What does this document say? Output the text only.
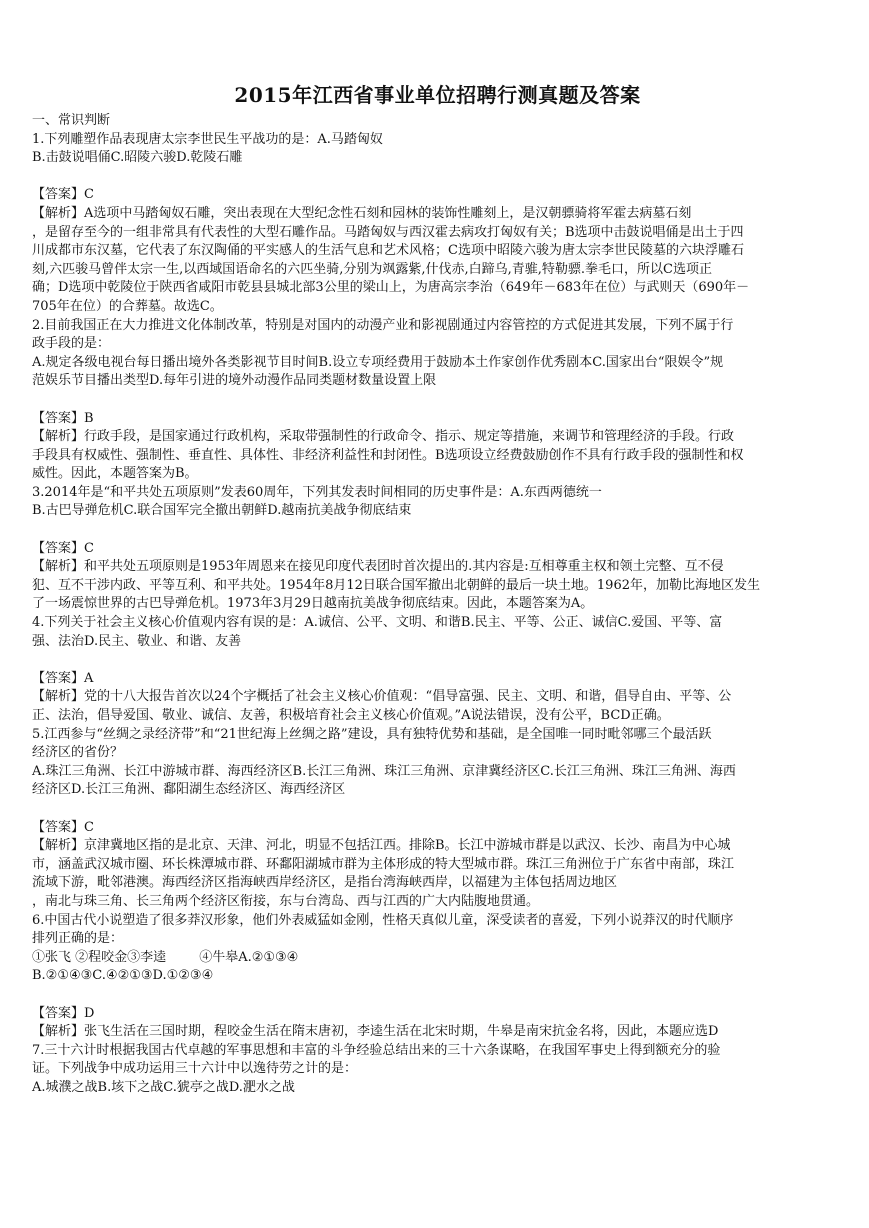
2015年江西省事业单位招聘行测真题及答案
一、常识判断
1.下列雕塑作品表现唐太宗李世民生平战功的是：A.马踏匈奴
B.击鼓说唱俑C.昭陵六骏D.乾陵石雕
【答案】C
【解析】A选项中马踏匈奴石雕，突出表现在大型纪念性石刻和园林的装饰性雕刻上，是汉朝骠骑将军霍去病墓石刻
，是留存至今的一组非常具有代表性的大型石雕作品。马踏匈奴与西汉霍去病攻打匈奴有关；B选项中击鼓说唱俑是出土于四
川成都市东汉墓，它代表了东汉陶俑的平实感人的生活气息和艺术风格；C选项中昭陵六骏为唐太宗李世民陵墓的六块浮雕石
刻,六匹骏马曾伴太宗一生,以西域国语命名的六匹坐骑,分别为飒露紫,什伐赤,白蹄乌,青骓,特勒骠.拳毛口，所以C选项正
确；D选项中乾陵位于陕西省咸阳市乾县县城北部3公里的梁山上，为唐高宗李治（649年－683年在位）与武则天（690年－
705年在位）的合葬墓。故选C。
2.目前我国正在大力推进文化体制改革，特别是对国内的动漫产业和影视剧通过内容管控的方式促进其发展，下列不属于行
政手段的是：
A.规定各级电视台每日播出境外各类影视节目时间B.设立专项经费用于鼓励本土作家创作优秀剧本C.国家出台“限娱令”规
范娱乐节目播出类型D.每年引进的境外动漫作品同类题材数量设置上限
【答案】B
【解析】行政手段，是国家通过行政机构，采取带强制性的行政命令、指示、规定等措施，来调节和管理经济的手段。行政
手段具有权威性、强制性、垂直性、具体性、非经济利益性和封闭性。B选项设立经费鼓励创作不具有行政手段的强制性和权
威性。因此，本题答案为B。
3.2014年是“和平共处五项原则”发表60周年，下列其发表时间相同的历史事件是：A.东西两德统一
B.古巴导弹危机C.联合国军完全撤出朝鲜D.越南抗美战争彻底结束
【答案】C
【解析】和平共处五项原则是1953年周恩来在接见印度代表团时首次提出的.其内容是:互相尊重主权和领土完整、互不侵
犯、互不干涉内政、平等互利、和平共处。1954年8月12日联合国军撤出北朝鲜的最后一块土地。1962年，加勒比海地区发生
了一场震惊世界的古巴导弹危机。1973年3月29日越南抗美战争彻底结束。因此，本题答案为A。
4.下列关于社会主义核心价值观内容有误的是：A.诚信、公平、文明、和谐B.民主、平等、公正、诚信C.爱国、平等、富
强、法治D.民主、敬业、和谐、友善
【答案】A
【解析】党的十八大报告首次以24个字概括了社会主义核心价值观：“倡导富强、民主、文明、和谐，倡导自由、平等、公
正、法治，倡导爱国、敬业、诚信、友善，积极培育社会主义核心价值观。”A说法错误，没有公平，BCD正确。
5.江西参与“丝绸之录经济带”和“21世纪海上丝绸之路”建设，具有独特优势和基础，是全国唯一同时毗邻哪三个最活跃
经济区的省份？
A.珠江三角洲、长江中游城市群、海西经济区B.长江三角洲、珠江三角洲、京津冀经济区C.长江三角洲、珠江三角洲、海西
经济区D.长江三角洲、鄱阳湖生态经济区、海西经济区
【答案】C
【解析】京津冀地区指的是北京、天津、河北，明显不包括江西。排除B。长江中游城市群是以武汉、长沙、南昌为中心城
市，涵盖武汉城市圈、环长株潭城市群、环鄱阳湖城市群为主体形成的特大型城市群。珠江三角洲位于广东省中南部，珠江
流域下游，毗邻港澳。海西经济区指海峡西岸经济区，是指台湾海峡西岸，以福建为主体包括周边地区
，南北与珠三角、长三角两个经济区衔接，东与台湾岛、西与江西的广大内陆腹地贯通。
6.中国古代小说塑造了很多莽汉形象，他们外表威猛如金刚，性格天真似儿童，深受读者的喜爱，下列小说莽汉的时代顺序
排列正确的是：
①张飞 ②程咬金③李逵        ④牛皋A.②①③④
B.②①④③C.④②①③D.①②③④
【答案】D
【解析】张飞生活在三国时期，程咬金生活在隋末唐初，李逵生活在北宋时期，牛皋是南宋抗金名将，因此，本题应选D
7.三十六计时根据我国古代卓越的军事思想和丰富的斗争经验总结出来的三十六条谋略，在我国军事史上得到额充分的验
证。下列战争中成功运用三十六计中以逸待劳之计的是：
A.城濮之战B.垓下之战C.猇亭之战D.淝水之战
